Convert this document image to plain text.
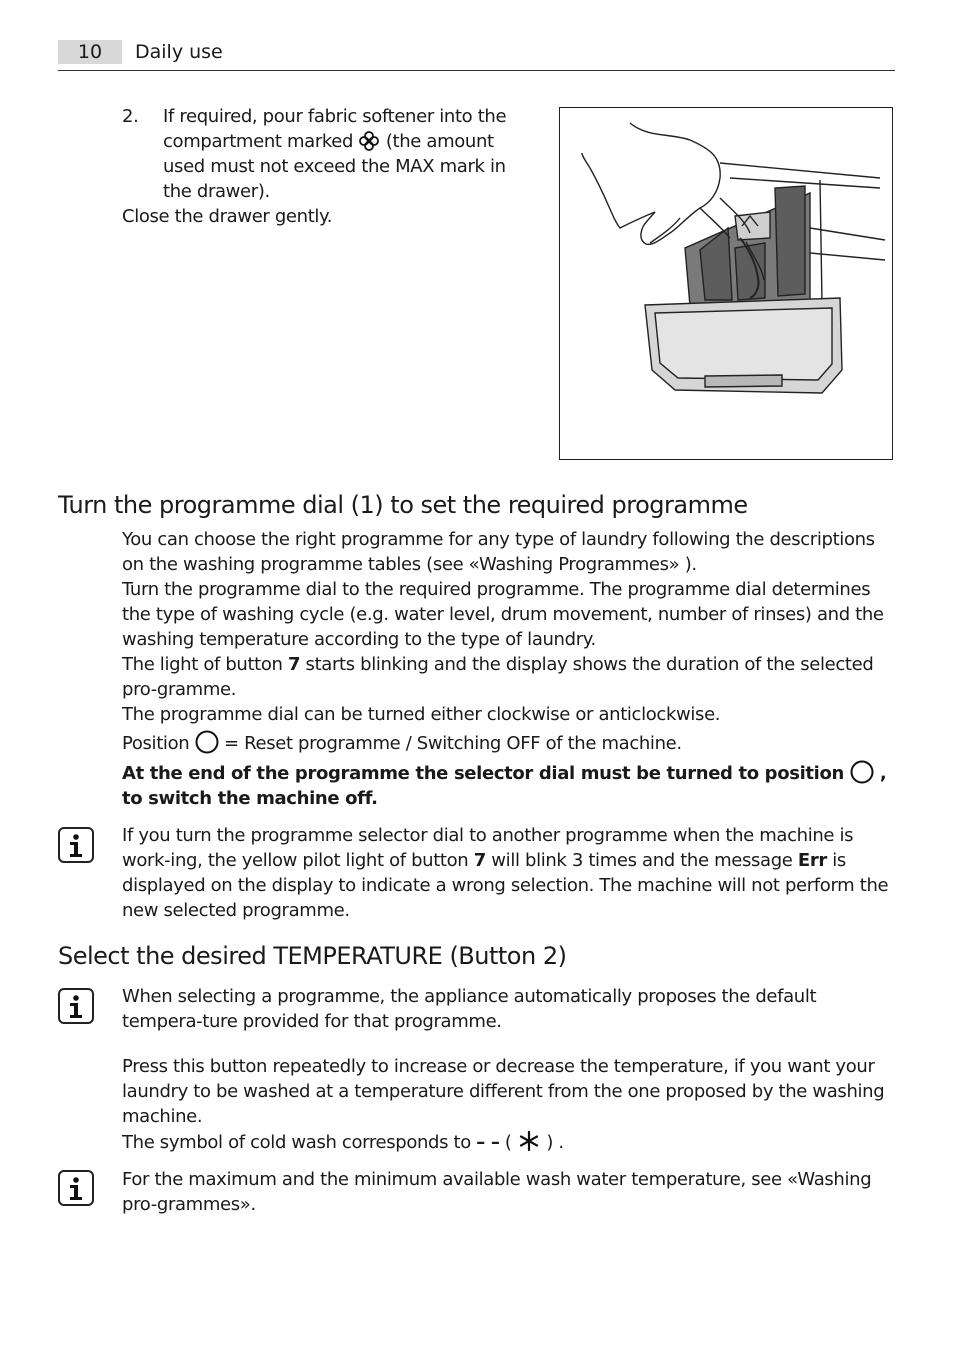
10	Daily use
2. If required, pour fabric softener into the compartment marked (the amount used must not exceed the MAX mark in the drawer).
Close the drawer gently.
Turn the programme dial (1) to set the required programme

You can choose the right programme for any type of laundry following the descriptions on the washing programme tables (see «Washing Programmes» ).

Turn the programme dial to the required programme. The programme dial determines the type of washing cycle (e.g. water level, drum movement, number of rinses) and the washing temperature according to the type of laundry.

The light of button 7 starts blinking and the display shows the duration of the selected pro-gramme.

The programme dial can be turned either clockwise or anticlockwise.

Position = Reset programme / Switching OFF of the machine.

At the end of the programme the selector dial must be turned to position , to switch the machine off.

If you turn the programme selector dial to another programme when the machine is work-ing, the yellow pilot light of button 7 will blink 3 times and the message Err is displayed on the display to indicate a wrong selection. The machine will not perform the new selected programme.

Select the desired TEMPERATURE (Button 2)

When selecting a programme, the appliance automatically proposes the default tempera-ture provided for that programme.

Press this button repeatedly to increase or decrease the temperature, if you want your laundry to be washed at a temperature different from the one proposed by the washing machine.

The symbol of cold wash corresponds to – – ( ) .

For the maximum and the minimum available wash water temperature, see «Washing pro-grammes».
